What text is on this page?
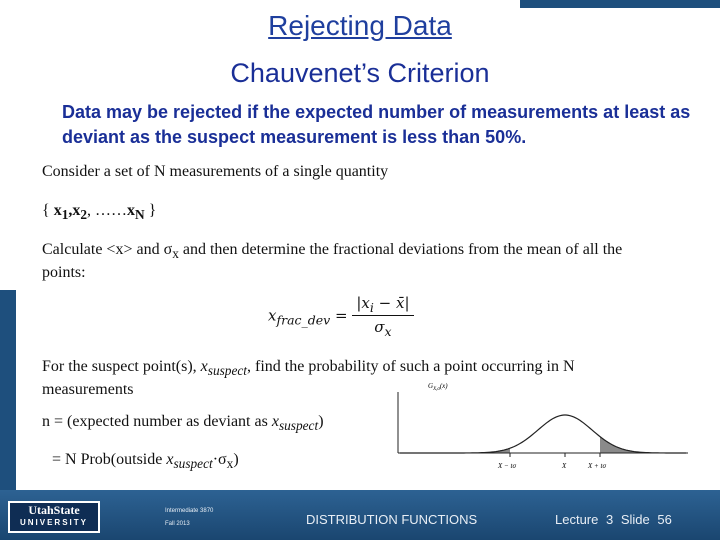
Rejecting Data
Chauvenet’s Criterion
Data may be rejected if the expected number of measurements at least as deviant as the suspect measurement is less than 50%.
Consider a set of N measurements of a single quantity
{ $x_1,x_2$, $\dots\dots x_N$ }
Calculate <x> and $\sigma_x$ and then determine the fractional deviations from the mean of all the points:
$x_{frac\_dev} = \frac{|x_i - x̄|}{\sigma_x}$
For the suspect point(s), $x_{suspect}$, find the probability of such a point occurring in N measurements
n = (expected number as deviant as $x_{suspect}$)
= N Prob(outside $x_{suspect}\cdot\sigma_x$)
$G_{X,\sigma}(x)$
X − tσ	X	X + tσ
UtahState
UNIVERSITY
Intermediate 3870
Fall 2013	DISTRIBUTION FUNCTIONS	Lecture 3 Slide 56
